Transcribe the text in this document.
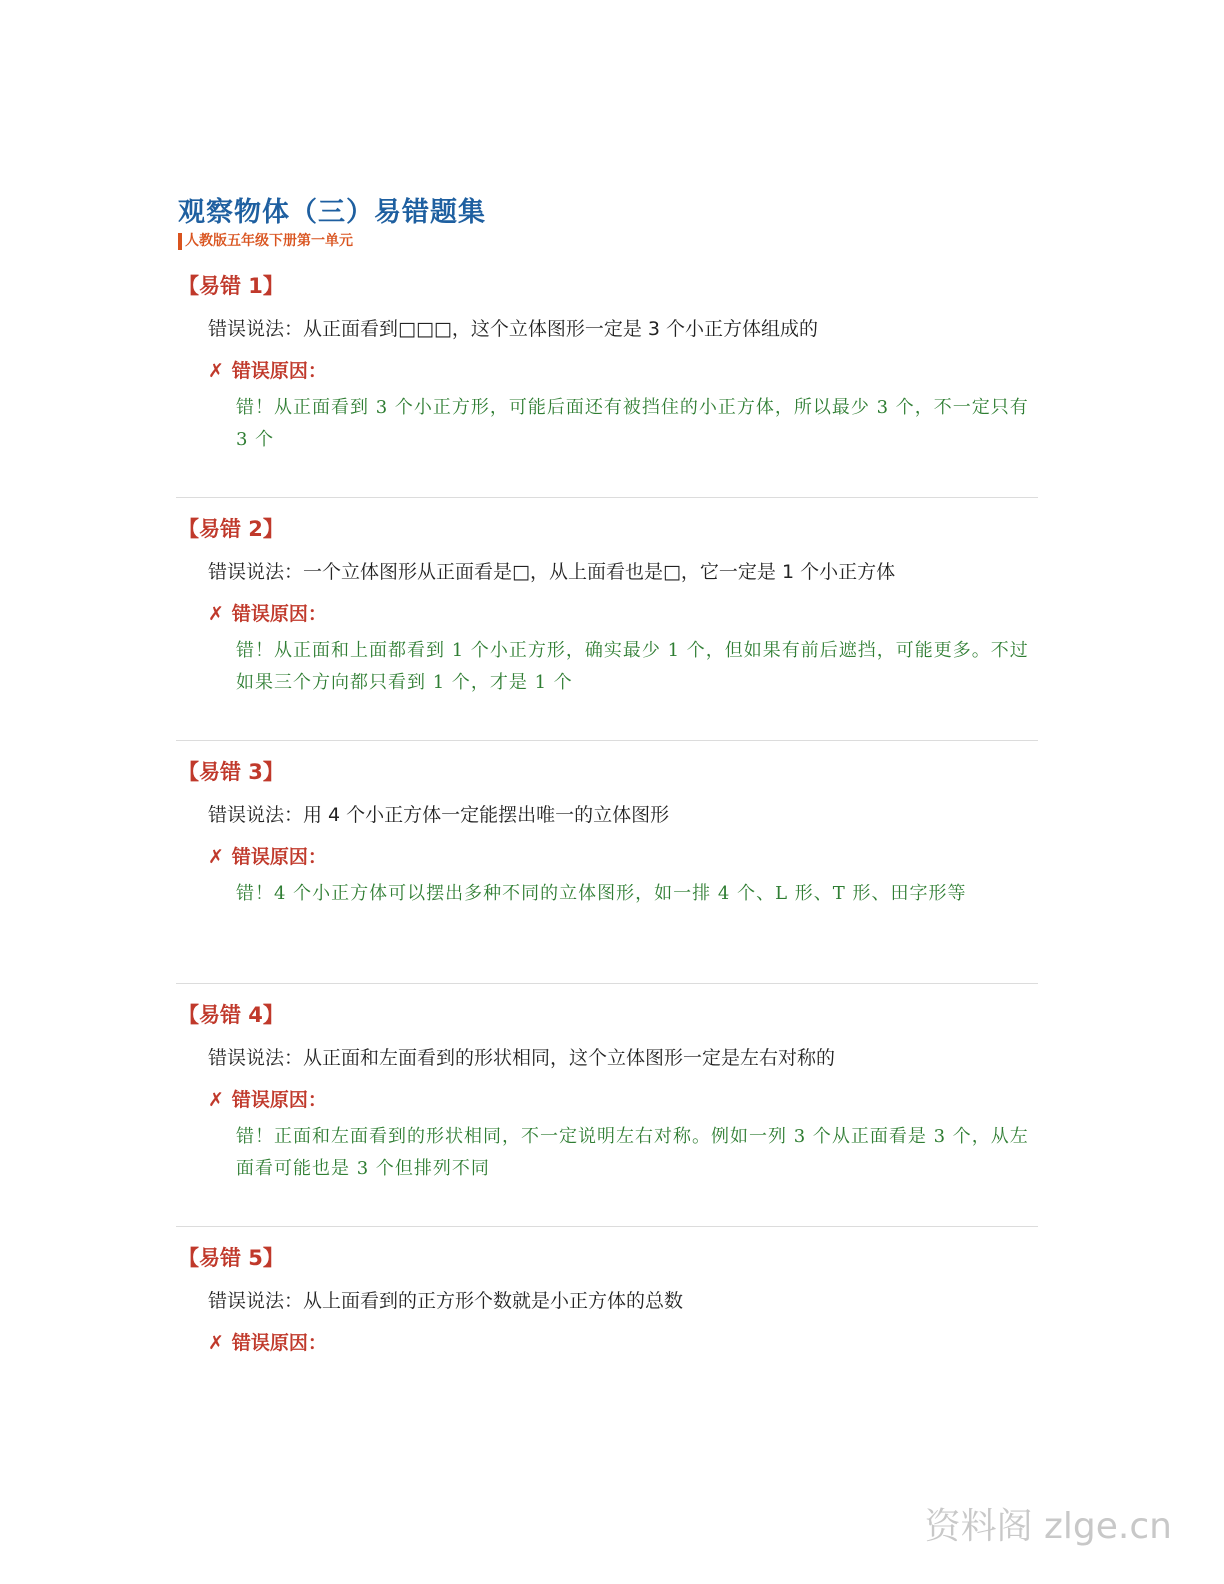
观察物体（三）易错题集
人教版五年级下册第一单元
【易错 1】
错误说法：从正面看到□□□，这个立体图形一定是 3 个小正方体组成的
✗ 错误原因：
错！从正面看到 3 个小正方形，可能后面还有被挡住的小正方体，所以最少 3 个，不一定只有 3 个
【易错 2】
错误说法：一个立体图形从正面看是□，从上面看也是□，它一定是 1 个小正方体
✗ 错误原因：
错！从正面和上面都看到 1 个小正方形，确实最少 1 个，但如果有前后遮挡，可能更多。不过如果三个方向都只看到 1 个，才是 1 个
【易错 3】
错误说法：用 4 个小正方体一定能摆出唯一的立体图形
✗ 错误原因：
错！4 个小正方体可以摆出多种不同的立体图形，如一排 4 个、L 形、T 形、田字形等
【易错 4】
错误说法：从正面和左面看到的形状相同，这个立体图形一定是左右对称的
✗ 错误原因：
错！正面和左面看到的形状相同，不一定说明左右对称。例如一列 3 个从正面看是 3 个，从左面看可能也是 3 个但排列不同
【易错 5】
错误说法：从上面看到的正方形个数就是小正方体的总数
✗ 错误原因：
资料阁 zlge.cn
